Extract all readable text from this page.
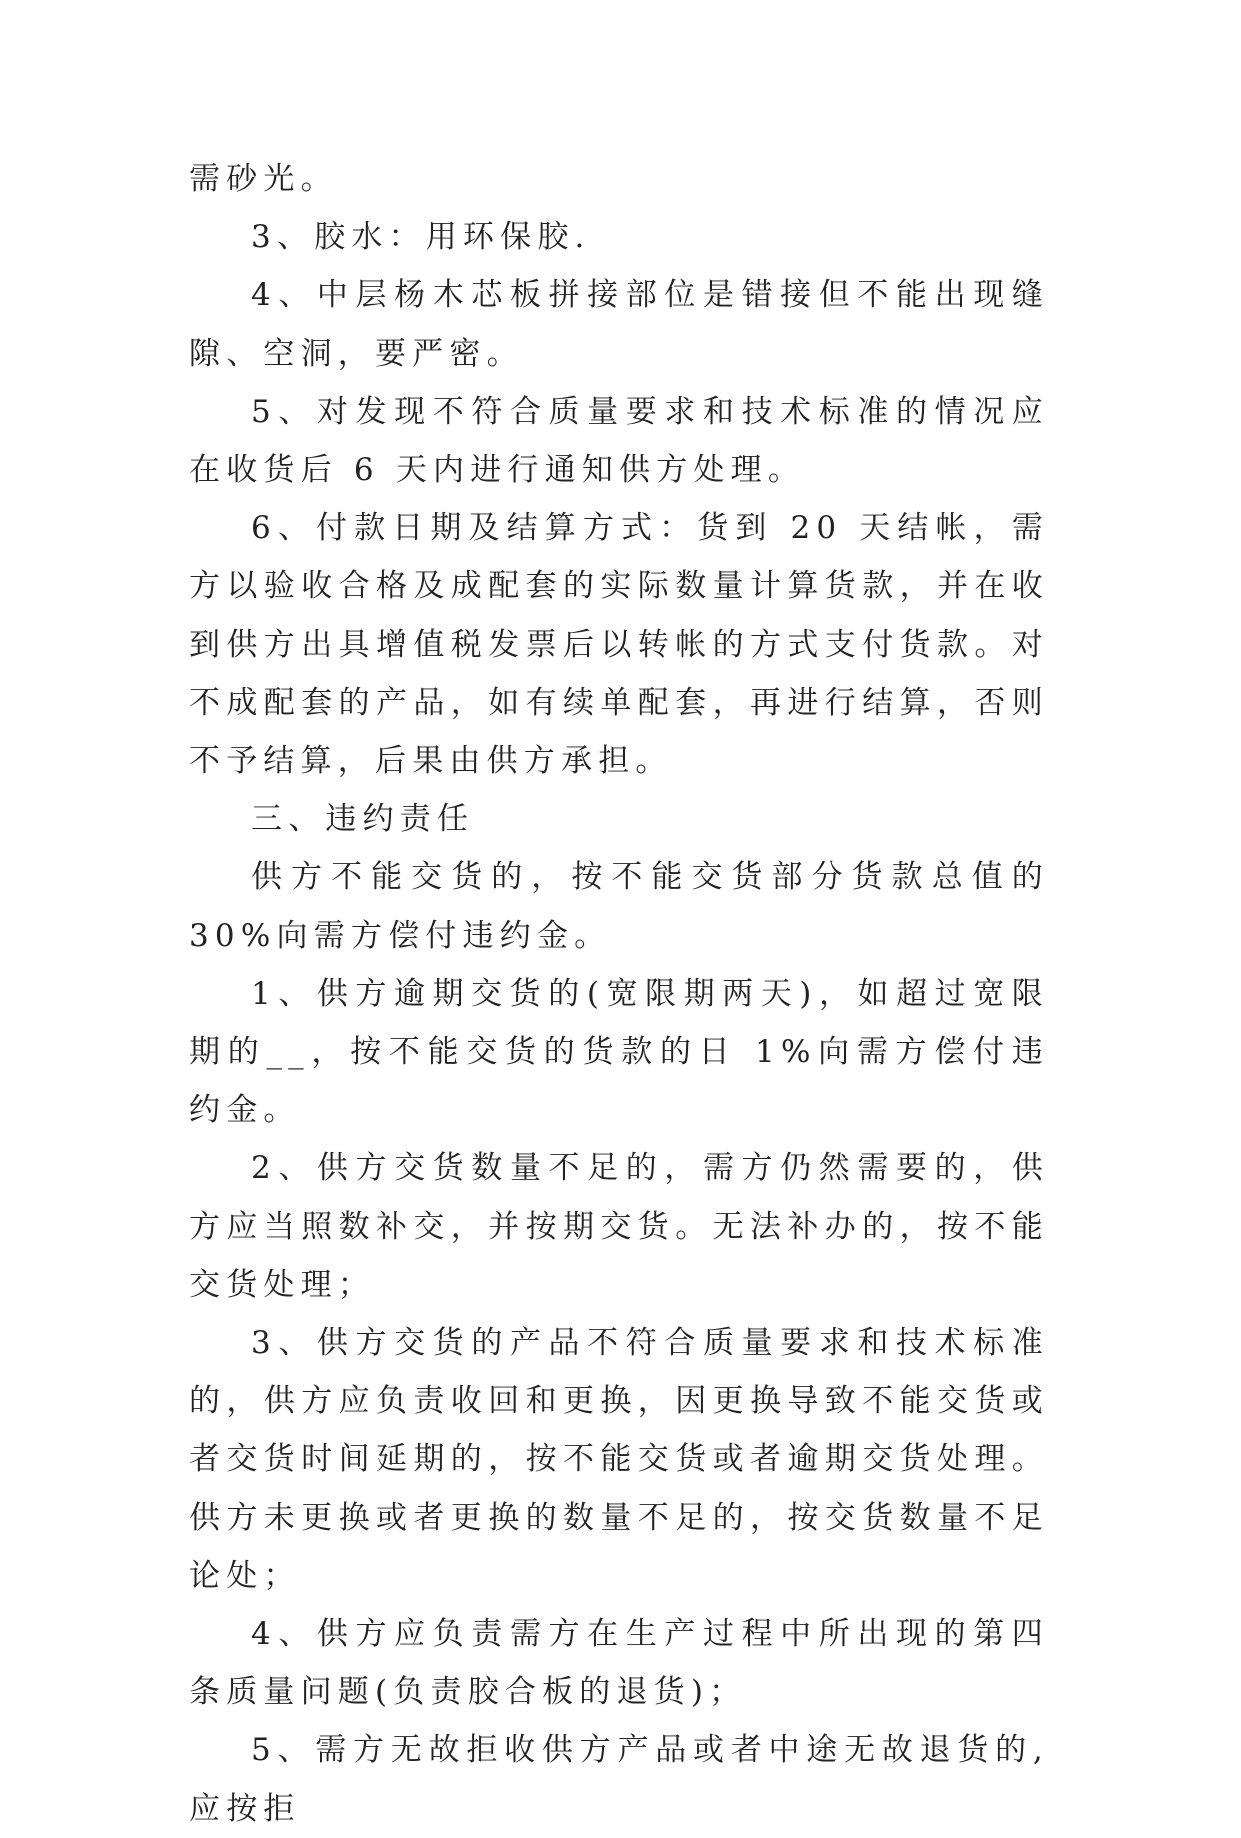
需砂光。

3、胶水：用环保胶.

4、中层杨木芯板拼接部位是错接但不能出现缝隙、空洞，要严密。

5、对发现不符合质量要求和技术标准的情况应在收货后 6 天内进行通知供方处理。

6、付款日期及结算方式：货到 20 天结帐，需方以验收合格及成配套的实际数量计算货款，并在收到供方出具增值税发票后以转帐的方式支付货款。对不成配套的产品，如有续单配套，再进行结算，否则不予结算，后果由供方承担。

三、违约责任

供方不能交货的，按不能交货部分货款总值的 30%向需方偿付违约金。

1、供方逾期交货的(宽限期两天)，如超过宽限期的__，按不能交货的货款的日 1%向需方偿付违约金。

2、供方交货数量不足的，需方仍然需要的，供方应当照数补交，并按期交货。无法补办的，按不能交货处理；

3、供方交货的产品不符合质量要求和技术标准的，供方应负责收回和更换，因更换导致不能交货或者交货时间延期的，按不能交货或者逾期交货处理。供方未更换或者更换的数量不足的，按交货数量不足论处；

4、供方应负责需方在生产过程中所出现的第四条质量问题(负责胶合板的退货)；

5、需方无故拒收供方产品或者中途无故退货的,应按拒
